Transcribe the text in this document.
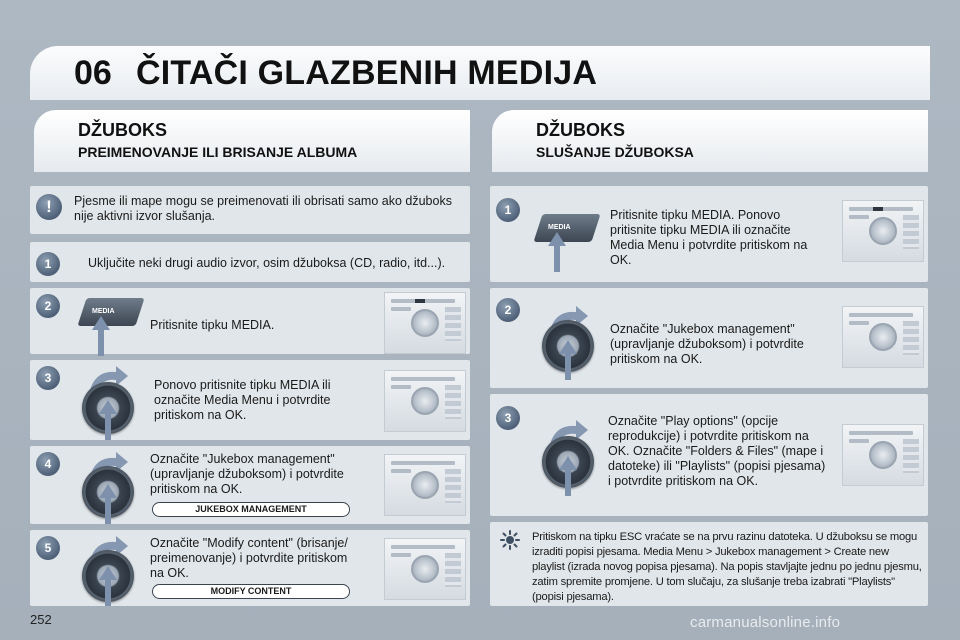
06 ČITAČI GLAZBENIH MEDIJA
DŽUBOKS
PREIMENOVANJE ILI BRISANJE ALBUMA
DŽUBOKS
SLUŠANJE DŽUBOKSA
Pjesme ili mape mogu se preimenovati ili obrisati samo ako džuboks nije aktivni izvor slušanja.
!
Uključite neki drugi audio izvor, osim džuboksa (CD, radio, itd...).
1
Pritisnite tipku MEDIA.
2	MEDIA
Ponovo pritisnite tipku MEDIA ili označite Media Menu i potvrdite pritiskom na OK.
3
Označite "Jukebox management" (upravljanje džuboksom) i potvrdite pritiskom na OK.
4
JUKEBOX MANAGEMENT
Označite "Modify content" (brisanje/ preimenovanje) i potvrdite pritiskom na OK.
5
MODIFY CONTENT
Pritisnite tipku MEDIA. Ponovo pritisnite tipku MEDIA ili označite Media Menu i potvrdite pritiskom na OK.
1
MEDIA
Označite "Jukebox management" (upravljanje džuboksom) i potvrdite pritiskom na OK.
2
Označite "Play options" (opcije reprodukcije) i potvrdite pritiskom na OK. Označite "Folders & Files" (mape i datoteke) ili "Playlists" (popisi pjesama) i potvrdite pritiskom na OK.
3
Pritiskom na tipku ESC vraćate se na prvu razinu datoteka. U džuboksu se mogu izraditi popisi pjesama. Media Menu > Jukebox management > Create new playlist (izrada novog popisa pjesama). Na popis stavljajte jednu po jednu pjesmu, zatim spremite promjene. U tom slučaju, za slušanje treba izabrati "Playlists" (popisi pjesama).
252	carmanualsonline.info
